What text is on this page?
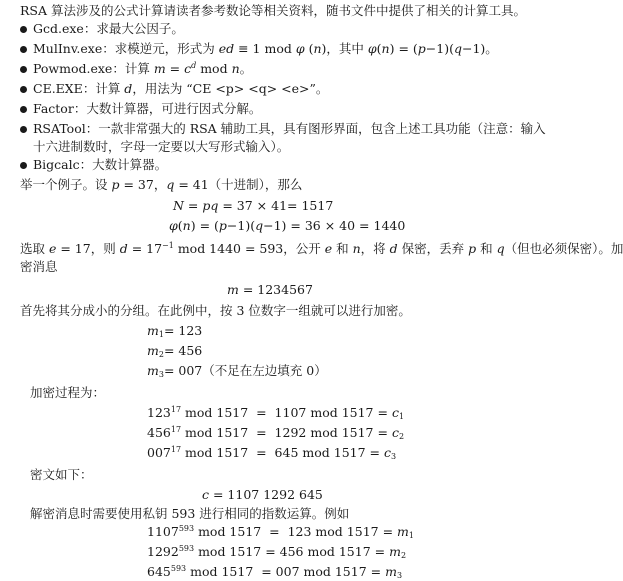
RSA 算法涉及的公式计算请读者参考数论等相关资料，随书文件中提供了相关的计算工具。
Gcd.exe：求最大公因子。
MulInv.exe：求模逆元，形式为 ed ≡ 1 mod φ (n)，其中 φ(n) = (p−1)(q−1)。
Powmod.exe：计算 $m = c^d$ mod n。
CE.EXE：计算 d，用法为 “CE <p> <q> <e>”。
Factor：大数计算器，可进行因式分解。
RSATool：一款非常强大的 RSA 辅助工具，具有图形界面，包含上述工具功能（注意：输入
十六进制数时，字母一定要以大写形式输入）。
Bigcalc：大数计算器。
举一个例子。设 p = 37，q = 41（十进制），那么
N = pq = 37 × 41= 1517
φ(n) = (p−1)(q−1) = 36 × 40 = 1440
选取 e = 17，则 $d = 17^{-1}$ mod 1440 = 593，公开 e 和 n，将 d 保密，丢弃 p 和 q（但也必须保密）。加
密消息
m = 1234567
首先将其分成小的分组。在此例中，按 3 位数字一组就可以进行加密。
$m_1= 123$
$m_2= 456$
$m_3= 007$（不足在左边填充 0）
加密过程为：
$123^{17}$ mod 1517  =  1107 mod $1517 = c_1$
$456^{17}$ mod 1517  =  1292 mod $1517 = c_2$
$007^{17}$ mod 1517  =  645 mod $1517 = c_3$
密文如下：
c = 1107 1292 645
解密消息时需要使用私钥 593 进行相同的指数运算。例如
1107$^{593}$ mod 1517  =  123 mod $1517 = m_1$
1292$^{593}$ mod 1517 = 456 mod $1517 = m_2$
$645^{593}$ mod 1517  = 007 mod $1517 = m_3$
